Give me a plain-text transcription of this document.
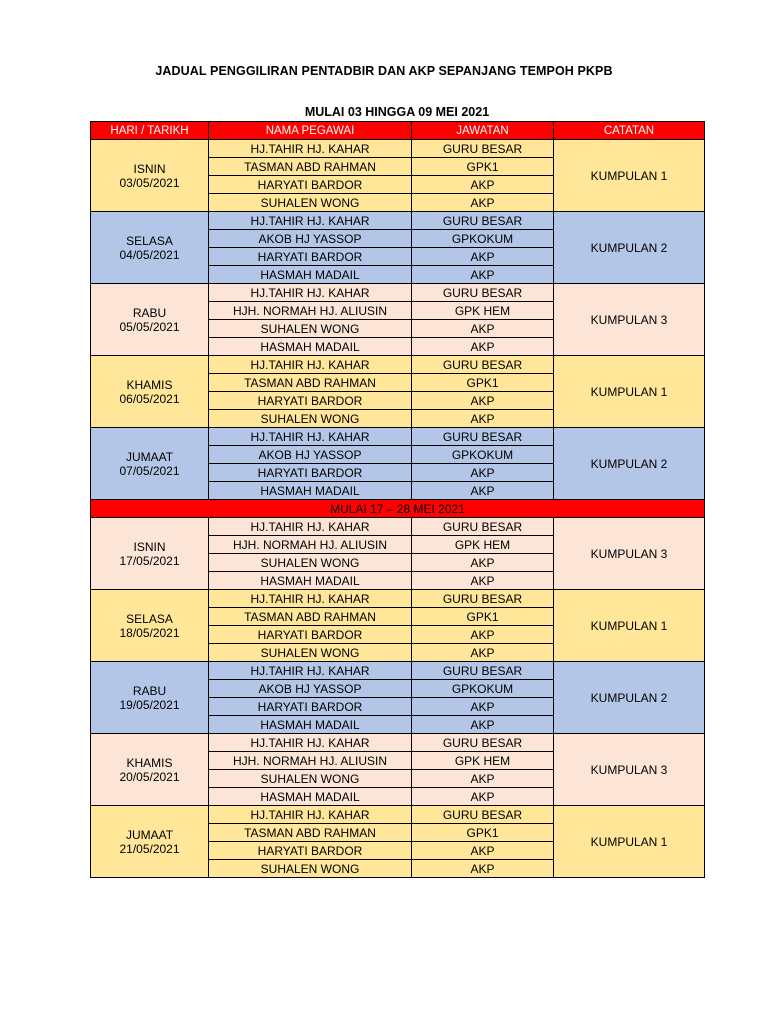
JADUAL PENGGILIRAN PENTADBIR DAN AKP SEPANJANG TEMPOH PKPB
MULAI 03 HINGGA 09 MEI 2021
HARI / TARIKH	NAMA PEGAWAI	JAWATAN	CATATAN

ISNIN
03/05/2021	HJ.TAHIR HJ. KAHAR	GURU BESAR	KUMPULAN 1
	TASMAN ABD RAHMAN	GPK1	
	HARYATI BARDOR	AKP	
	SUHALEN WONG	AKP	

SELASA
04/05/2021	HJ.TAHIR HJ. KAHAR	GURU BESAR	KUMPULAN 2
	AKOB HJ YASSOP	GPKOKUM	
	HARYATI BARDOR	AKP	
	HASMAH MADAIL	AKP	

RABU
05/05/2021	HJ.TAHIR HJ. KAHAR	GURU BESAR	KUMPULAN 3
	HJH. NORMAH HJ. ALIUSIN	GPK HEM	
	SUHALEN WONG	AKP	
	HASMAH MADAIL	AKP	

KHAMIS
06/05/2021	HJ.TAHIR HJ. KAHAR	GURU BESAR	KUMPULAN 1
	TASMAN ABD RAHMAN	GPK1	
	HARYATI BARDOR	AKP	
	SUHALEN WONG	AKP	

JUMAAT
07/05/2021	HJ.TAHIR HJ. KAHAR	GURU BESAR	KUMPULAN 2
	AKOB HJ YASSOP	GPKOKUM	
	HARYATI BARDOR	AKP	
	HASMAH MADAIL	AKP	
MULAI 17 – 28 MEI 2021			

ISNIN
17/05/2021	HJ.TAHIR HJ. KAHAR	GURU BESAR	KUMPULAN 3
	HJH. NORMAH HJ. ALIUSIN	GPK HEM	
	SUHALEN WONG	AKP	
	HASMAH MADAIL	AKP	

SELASA
18/05/2021	HJ.TAHIR HJ. KAHAR	GURU BESAR	KUMPULAN 1
	TASMAN ABD RAHMAN	GPK1	
	HARYATI BARDOR	AKP	
	SUHALEN WONG	AKP	

RABU
19/05/2021	HJ.TAHIR HJ. KAHAR	GURU BESAR	KUMPULAN 2
	AKOB HJ YASSOP	GPKOKUM	
	HARYATI BARDOR	AKP	
	HASMAH MADAIL	AKP	

KHAMIS
20/05/2021	HJ.TAHIR HJ. KAHAR	GURU BESAR	KUMPULAN 3
	HJH. NORMAH HJ. ALIUSIN	GPK HEM	
	SUHALEN WONG	AKP	
	HASMAH MADAIL	AKP	

JUMAAT
21/05/2021	HJ.TAHIR HJ. KAHAR	GURU BESAR	KUMPULAN 1
	TASMAN ABD RAHMAN	GPK1	
	HARYATI BARDOR	AKP	
	SUHALEN WONG	AKP	
